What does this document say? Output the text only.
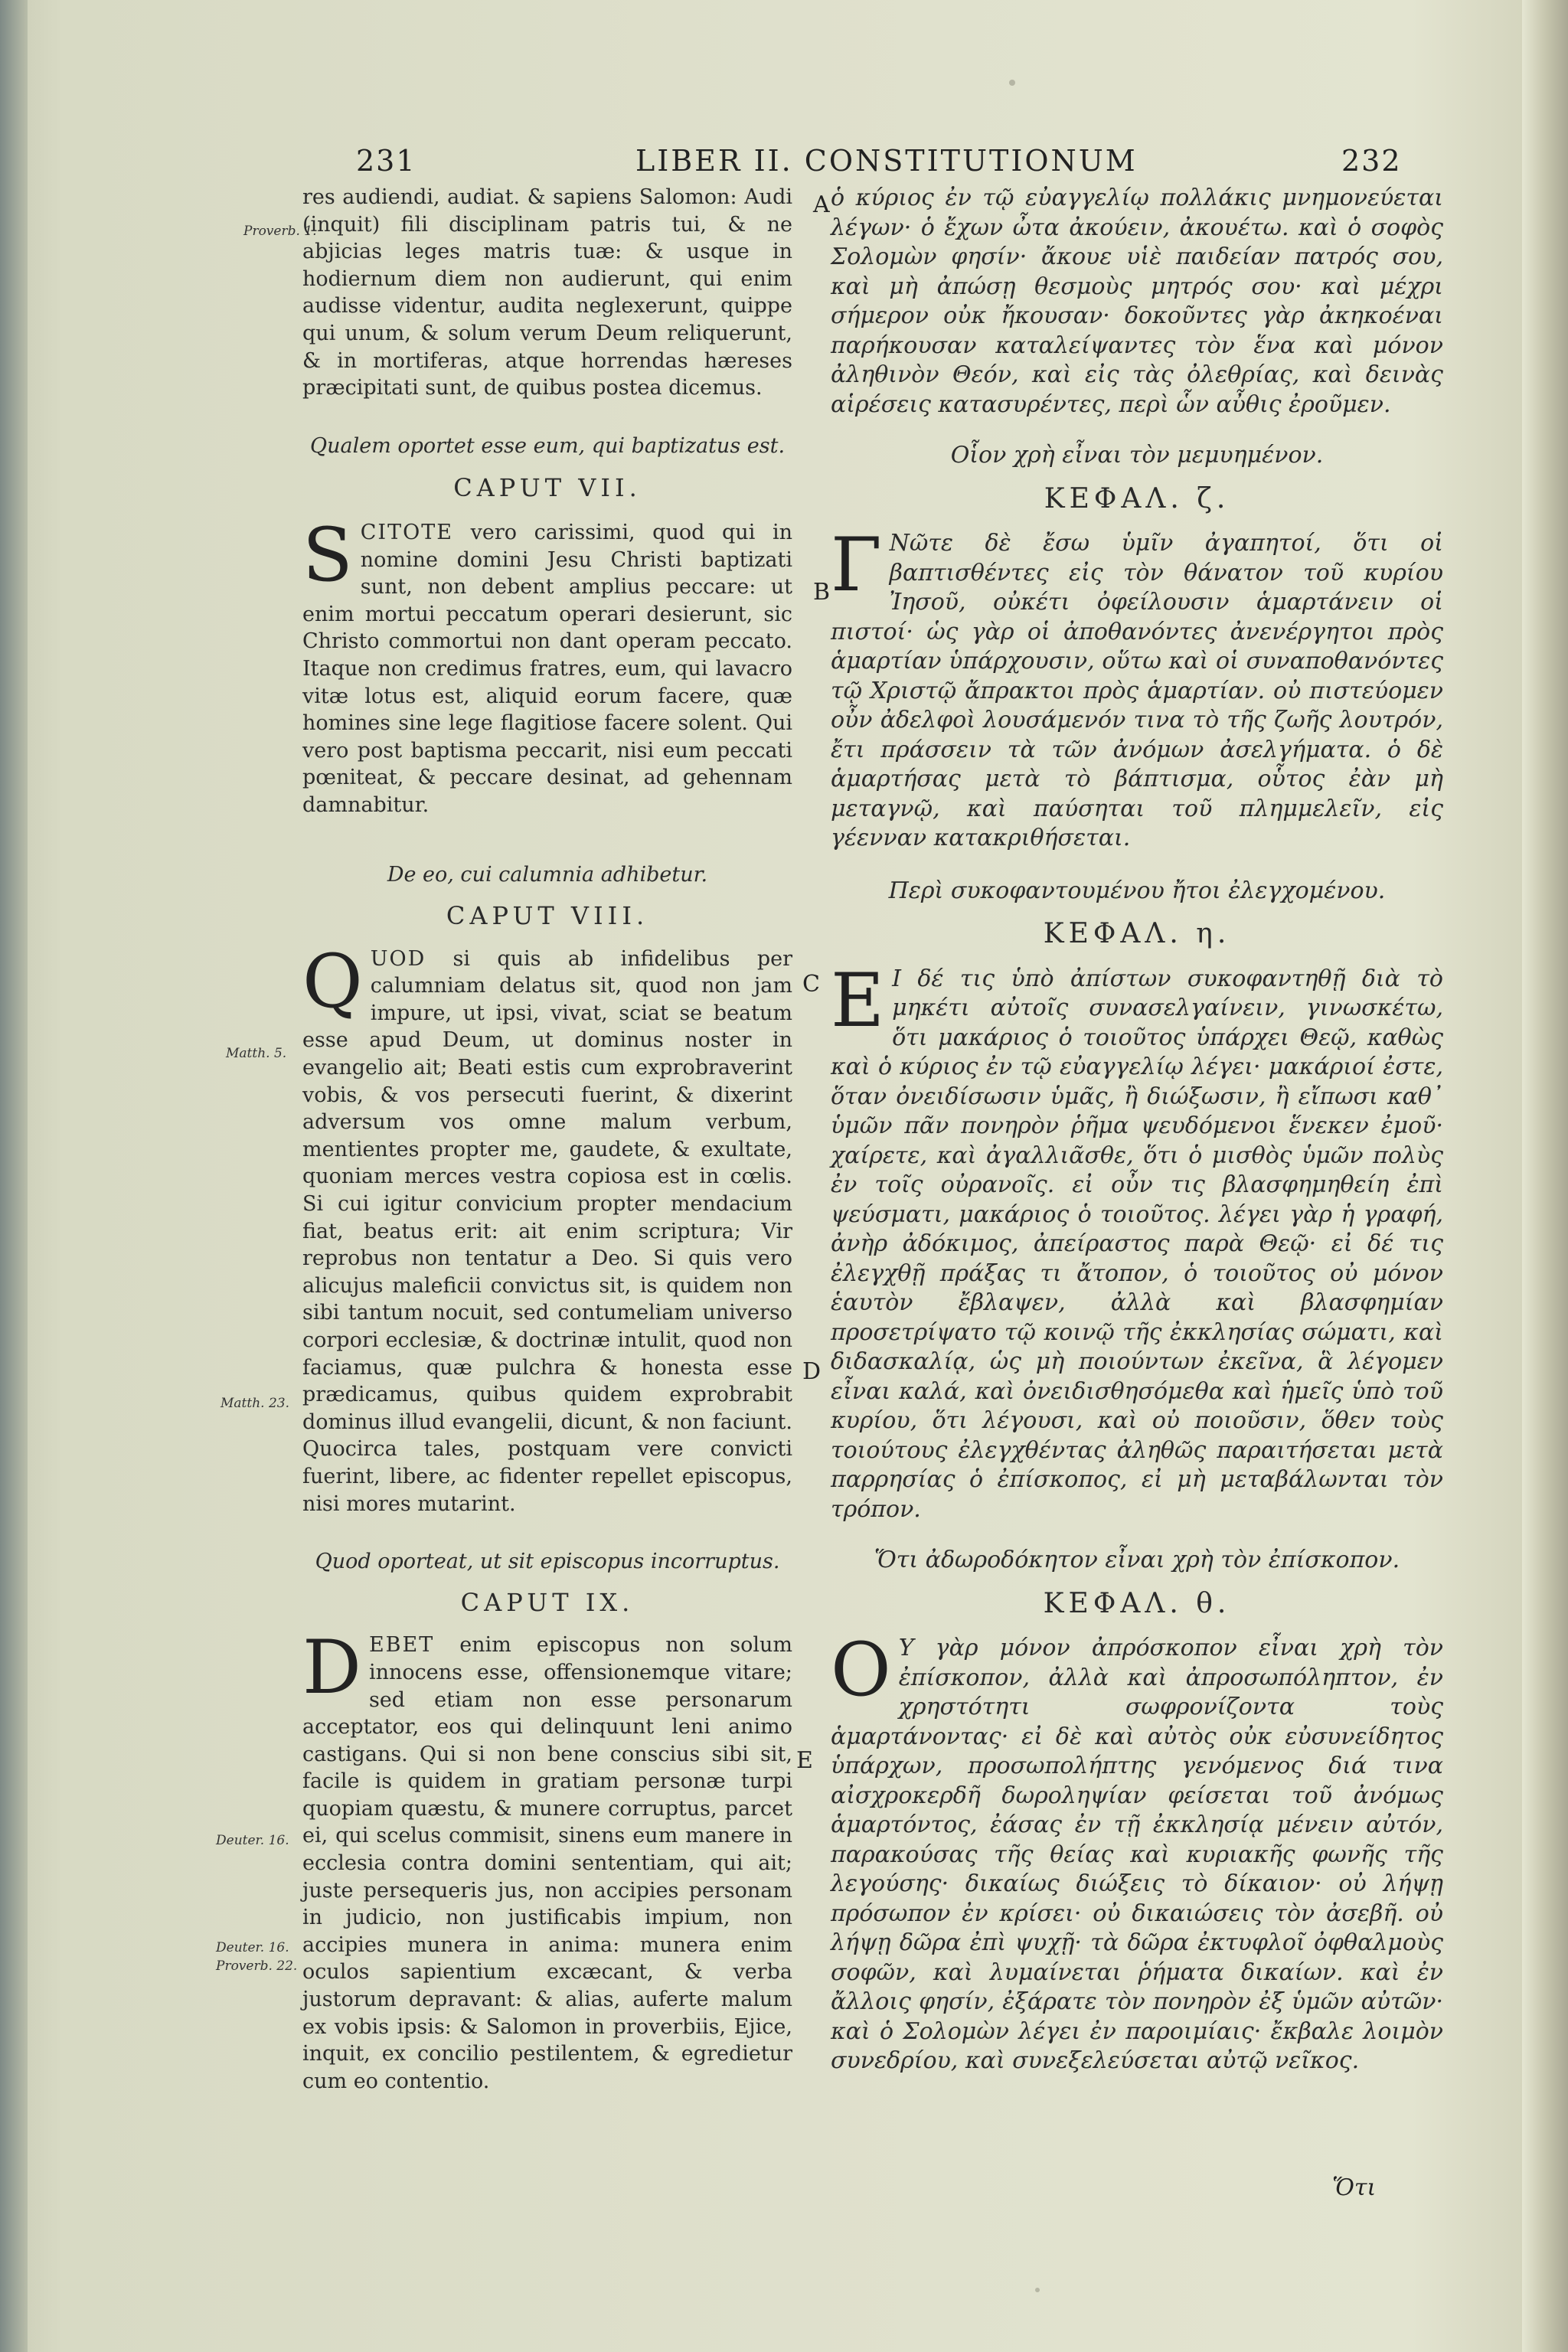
231	LIBER II. CONSTITUTIONUM	232
Proverb. 1.
Matth. 5.
Matth. 23.
Deuter. 16.
Deuter. 16.
Proverb. 22.
A
B
C
D
E

res audiendi, audiat. & sapiens Salomon: Audi (inquit) fili disciplinam patris tui, & ne abjicias leges matris tuæ: & usque in hodiernum diem non audierunt, qui enim audisse videntur, audita neglexerunt, quippe qui unum, & solum verum Deum reliquerunt, & in mortiferas, atque horrendas hæreses præcipitati sunt, de quibus postea dicemus.

Qualem oportet esse eum, qui baptizatus est.

CAPUT VII.

S CITOTE vero carissimi, quod qui in nomine domini Jesu Christi baptizati sunt, non debent amplius peccare: ut enim mortui peccatum operari desierunt, sic Christo commortui non dant operam peccato. Itaque non credimus fratres, eum, qui lavacro vitæ lotus est, aliquid eorum facere, quæ homines sine lege flagitiose facere solent. Qui vero post baptisma peccarit, nisi eum peccati pœniteat, & peccare desinat, ad gehennam damnabitur.

De eo, cui calumnia adhibetur.

CAPUT VIII.

Q UOD si quis ab infidelibus per calumniam delatus sit, quod non jam impure, ut ipsi, vivat, sciat se beatum esse apud Deum, ut dominus noster in evangelio ait; Beati estis cum exprobraverint vobis, & vos persecuti fuerint, & dixerint adversum vos omne malum verbum, mentientes propter me, gaudete, & exultate, quoniam merces vestra copiosa est in cœlis. Si cui igitur convicium propter mendacium fiat, beatus erit: ait enim scriptura; Vir reprobus non tentatur a Deo. Si quis vero alicujus maleficii convictus sit, is quidem non sibi tantum nocuit, sed contumeliam universo corpori ecclesiæ, & doctrinæ intulit, quod non faciamus, quæ pulchra & honesta esse prædicamus, quibus quidem exprobrabit dominus illud evangelii, dicunt, & non faciunt. Quocirca tales, postquam vere convicti fuerint, libere, ac fidenter repellet episcopus, nisi mores mutarint.

Quod oporteat, ut sit episcopus incorruptus.

CAPUT IX.

D EBET enim episcopus non solum innocens esse, offensionemque vitare; sed etiam non esse personarum acceptator, eos qui delinquunt leni animo castigans. Qui si non bene conscius sibi sit, facile is quidem in gratiam personæ turpi quopiam quæstu, & munere corruptus, parcet ei, qui scelus commisit, sinens eum manere in ecclesia contra domini sententiam, qui ait; juste persequeris jus, non accipies personam in judicio, non justificabis impium, non accipies munera in anima: munera enim oculos sapientium excæcant, & verba justorum depravant: & alias, auferte malum ex vobis ipsis: & Salomon in proverbiis, Ejice, inquit, ex concilio pestilentem, & egredietur cum eo contentio.

ὁ κύριος ἐν τῷ εὐαγγελίῳ πολλάκις μνημονεύεται λέγων· ὁ ἔχων ὦτα ἀκούειν, ἀκουέτω. καὶ ὁ σοφὸς Σολομὼν φησίν· ἄκουε υἱὲ παιδείαν πατρός σου, καὶ μὴ ἀπώσῃ θεσμοὺς μητρός σου· καὶ μέχρι σήμερον οὐκ ἤκουσαν· δοκοῦντες γὰρ ἀκηκοέναι παρήκουσαν καταλείψαντες τὸν ἕνα καὶ μόνον ἀληθινὸν Θεόν, καὶ εἰς τὰς ὀλεθρίας, καὶ δεινὰς αἱρέσεις κατασυρέντες, περὶ ὧν αὖθις ἐροῦμεν.

Οἷον χρὴ εἶναι τὸν μεμυημένον.

ΚΕΦΑΛ. ζ.

Γ Νῶτε δὲ ἔσω ὑμῖν ἀγαπητοί, ὅτι οἱ βαπτισθέντες εἰς τὸν θάνατον τοῦ κυρίου Ἰησοῦ, οὐκέτι ὀφείλουσιν ἁμαρτάνειν οἱ πιστοί· ὡς γὰρ οἱ ἀποθανόντες ἀνενέργητοι πρὸς ἁμαρτίαν ὑπάρχουσιν, οὕτω καὶ οἱ συναποθανόντες τῷ Χριστῷ ἄπρακτοι πρὸς ἁμαρτίαν. οὐ πιστεύομεν οὖν ἀδελφοὶ λουσάμενόν τινα τὸ τῆς ζωῆς λουτρόν, ἔτι πράσσειν τὰ τῶν ἀνόμων ἀσελγήματα. ὁ δὲ ἁμαρτήσας μετὰ τὸ βάπτισμα, οὗτος ἐὰν μὴ μεταγνῷ, καὶ παύσηται τοῦ πλημμελεῖν, εἰς γέενναν κατακριθήσεται.

Περὶ συκοφαντουμένου ἤτοι ἐλεγχομένου.

ΚΕΦΑΛ. η.

Ε Ι δέ τις ὑπὸ ἀπίστων συκοφαντηθῇ διὰ τὸ μηκέτι αὐτοῖς συνασελγαίνειν, γινωσκέτω, ὅτι μακάριος ὁ τοιοῦτος ὑπάρχει Θεῷ, καθὼς καὶ ὁ κύριος ἐν τῷ εὐαγγελίῳ λέγει· μακάριοί ἐστε, ὅταν ὀνειδίσωσιν ὑμᾶς, ἢ διώξωσιν, ἢ εἴπωσι καθ᾽ ὑμῶν πᾶν πονηρὸν ῥῆμα ψευδόμενοι ἕνεκεν ἐμοῦ· χαίρετε, καὶ ἀγαλλιᾶσθε, ὅτι ὁ μισθὸς ὑμῶν πολὺς ἐν τοῖς οὐρανοῖς. εἰ οὖν τις βλασφημηθείη ἐπὶ ψεύσματι, μακάριος ὁ τοιοῦτος. λέγει γὰρ ἡ γραφή, ἀνὴρ ἀδόκιμος, ἀπείραστος παρὰ Θεῷ· εἰ δέ τις ἐλεγχθῇ πράξας τι ἄτοπον, ὁ τοιοῦτος οὐ μόνον ἑαυτὸν ἔβλαψεν, ἀλλὰ καὶ βλασφημίαν προσετρίψατο τῷ κοινῷ τῆς ἐκκλησίας σώματι, καὶ διδασκαλίᾳ, ὡς μὴ ποιούντων ἐκεῖνα, ἃ λέγομεν εἶναι καλά, καὶ ὀνειδισθησόμεθα καὶ ἡμεῖς ὑπὸ τοῦ κυρίου, ὅτι λέγουσι, καὶ οὐ ποιοῦσιν, ὅθεν τοὺς τοιούτους ἐλεγχθέντας ἀληθῶς παραιτήσεται μετὰ παρρησίας ὁ ἐπίσκοπος, εἰ μὴ μεταβάλωνται τὸν τρόπον.

Ὅτι ἀδωροδόκητον εἶναι χρὴ τὸν ἐπίσκοπον.

ΚΕΦΑΛ. θ.

Ο Υ γὰρ μόνον ἀπρόσκοπον εἶναι χρὴ τὸν ἐπίσκοπον, ἀλλὰ καὶ ἀπροσωπόληπτον, ἐν χρηστότητι σωφρονίζοντα τοὺς ἁμαρτάνοντας· εἰ δὲ καὶ αὐτὸς οὐκ εὐσυνείδητος ὑπάρχων, προσωπολήπτης γενόμενος διά τινα αἰσχροκερδῆ δωροληψίαν φείσεται τοῦ ἀνόμως ἁμαρτόντος, ἐάσας ἐν τῇ ἐκκλησίᾳ μένειν αὐτόν, παρακούσας τῆς θείας καὶ κυριακῆς φωνῆς τῆς λεγούσης· δικαίως διώξεις τὸ δίκαιον· οὐ λήψῃ πρόσωπον ἐν κρίσει· οὐ δικαιώσεις τὸν ἀσεβῆ. οὐ λήψῃ δῶρα ἐπὶ ψυχῇ· τὰ δῶρα ἐκτυφλοῖ ὀφθαλμοὺς σοφῶν, καὶ λυμαίνεται ῥήματα δικαίων. καὶ ἐν ἄλλοις φησίν, ἐξάρατε τὸν πονηρὸν ἐξ ὑμῶν αὐτῶν· καὶ ὁ Σολομὼν λέγει ἐν παροιμίαις· ἔκβαλε λοιμὸν συνεδρίου, καὶ συνεξελεύσεται αὐτῷ νεῖκος.

Ὅτι
